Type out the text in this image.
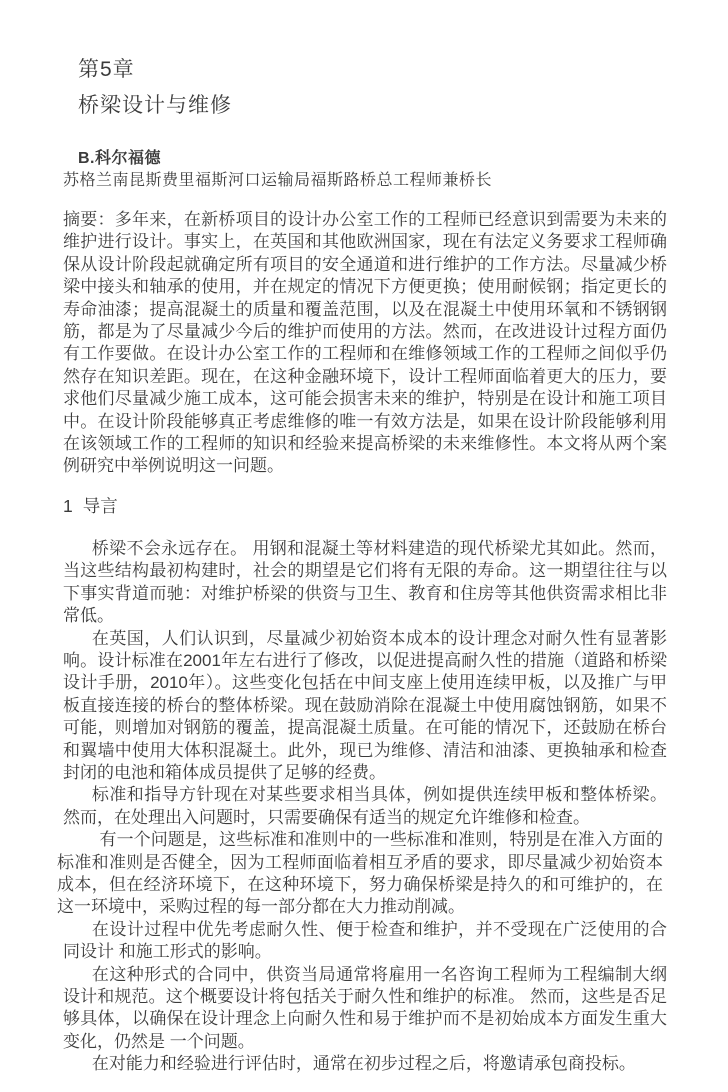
第5章
桥梁设计与维修

B.科尔福德

苏格兰南昆斯费里福斯河口运输局福斯路桥总工程师兼桥长

摘要：多年来，在新桥项目的设计办公室工作的工程师已经意识到需要为未来的维护进行设计。事实上，在英国和其他欧洲国家，现在有法定义务要求工程师确保从设计阶段起就确定所有项目的安全通道和进行维护的工作方法。尽量减少桥梁中接头和轴承的使用，并在规定的情况下方便更换；使用耐候钢；指定更长的寿命油漆；提高混凝土的质量和覆盖范围，以及在混凝土中使用环氧和不锈钢钢筋，都是为了尽量减少今后的维护而使用的方法。然而，在改进设计过程方面仍有工作要做。在设计办公室工作的工程师和在维修领域工作的工程师之间似乎仍然存在知识差距。现在，在这种金融环境下，设计工程师面临着更大的压力，要求他们尽量减少施工成本，这可能会损害未来的维护，特别是在设计和施工项目中。在设计阶段能够真正考虑维修的唯一有效方法是，如果在设计阶段能够利用在该领域工作的工程师的知识和经验来提高桥梁的未来维修性。本文将从两个案例研究中举例说明这一问题。

1 导言

桥梁不会永远存在。 用钢和混凝土等材料建造的现代桥梁尤其如此。然而，当这些结构最初构建时，社会的期望是它们将有无限的寿命。这一期望往往与以下事实背道而驰：对维护桥梁的供资与卫生、教育和住房等其他供资需求相比非常低。

在英国，人们认识到，尽量减少初始资本成本的设计理念对耐久性有显著影响。设计标准在2001年左右进行了修改，以促进提高耐久性的措施（道路和桥梁设计手册，2010年）。这些变化包括在中间支座上使用连续甲板，以及推广与甲板直接连接的桥台的整体桥梁。现在鼓励消除在混凝土中使用腐蚀钢筋，如果不可能，则增加对钢筋的覆盖，提高混凝土质量。在可能的情况下，还鼓励在桥台和翼墙中使用大体积混凝土。此外，现已为维修、清洁和油漆、更换轴承和检查封闭的电池和箱体成员提供了足够的经费。

标准和指导方针现在对某些要求相当具体，例如提供连续甲板和整体桥梁。 然而，在处理出入问题时，只需要确保有适当的规定允许维修和检查。

有一个问题是，这些标准和准则中的一些标准和准则，特别是在准入方面的标准和准则是否健全，因为工程师面临着相互矛盾的要求，即尽量减少初始资本成本，但在经济环境下，在这种环境下，努力确保桥梁是持久的和可维护的，在这一环境中，采购过程的每一部分都在大力推动削减。

在设计过程中优先考虑耐久性、便于检查和维护，并不受现在广泛使用的合同设计 和施工形式的影响。

在这种形式的合同中，供资当局通常将雇用一名咨询工程师为工程编制大纲设计和规范。这个概要设计将包括关于耐久性和维护的标准。 然而，这些是否足够具体，以确保在设计理念上向耐久性和易于维护而不是初始成本方面发生重大变化，仍然是 一个问题。

在对能力和经验进行评估时，通常在初步过程之后，将邀请承包商投标。
